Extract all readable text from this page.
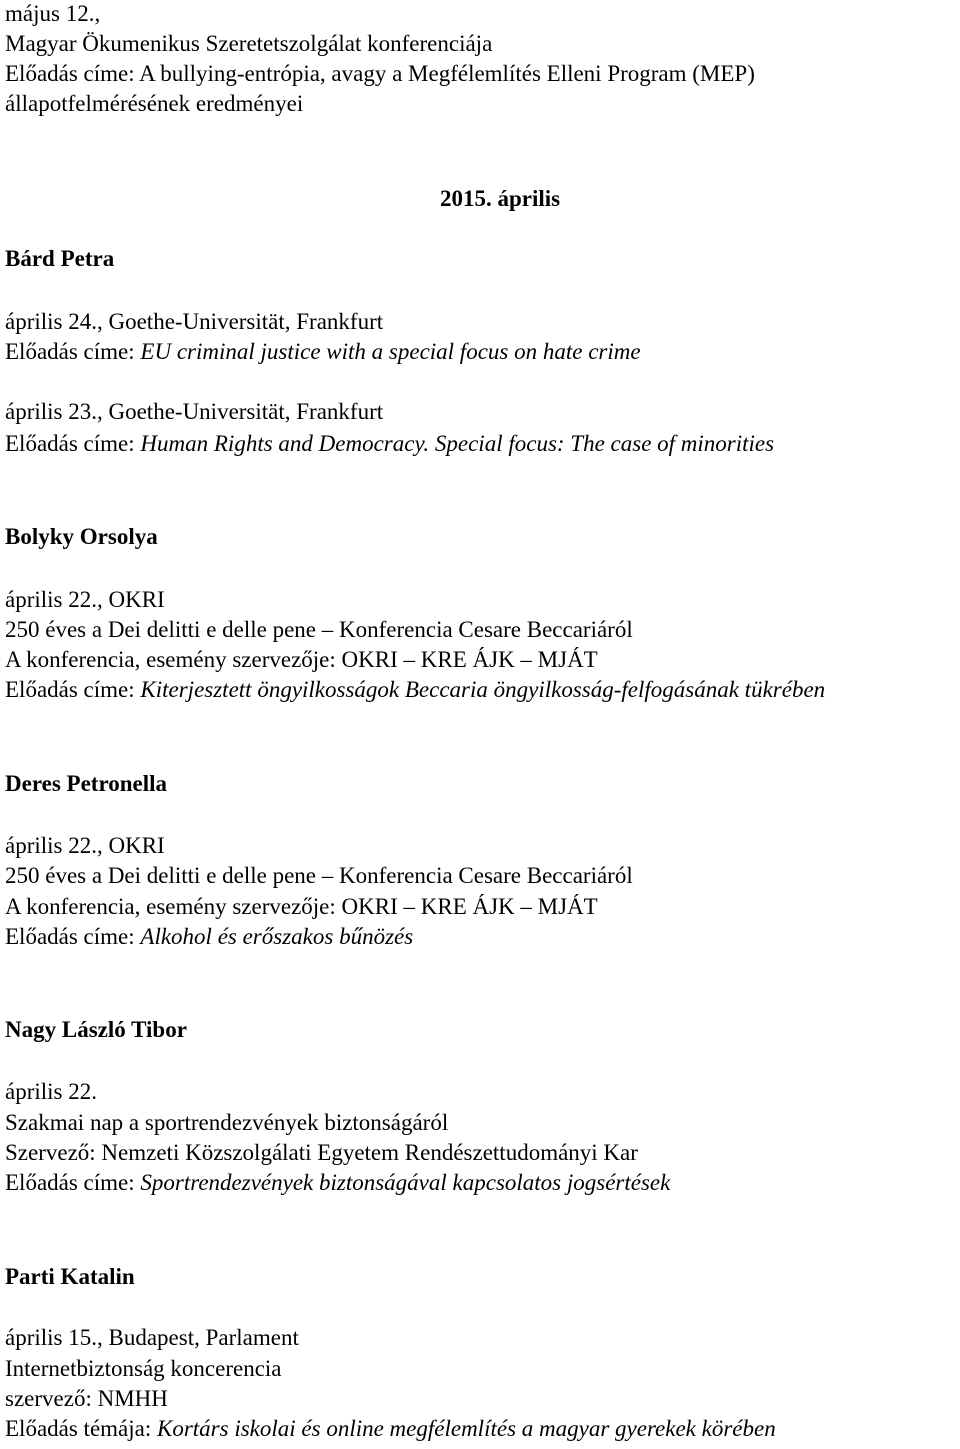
május 12.,
Magyar Ökumenikus Szeretetszolgálat konferenciája
Előadás címe: A bullying-entrópia, avagy a Megfélemlítés Elleni Program (MEP)
állapotfelmérésének eredményei
2015. április
Bárd Petra
április 24., Goethe-Universität, Frankfurt
Előadás címe: EU criminal justice with a special focus on hate crime
április 23., Goethe-Universität, Frankfurt
Előadás címe: Human Rights and Democracy. Special focus: The case of minorities
Bolyky Orsolya
április 22., OKRI
250 éves a Dei delitti e delle pene – Konferencia Cesare Beccariáról
A konferencia, esemény szervezője: OKRI – KRE ÁJK – MJÁT
Előadás címe: Kiterjesztett öngyilkosságok Beccaria öngyilkosság-felfogásának tükrében
Deres Petronella
április 22., OKRI
250 éves a Dei delitti e delle pene – Konferencia Cesare Beccariáról
A konferencia, esemény szervezője: OKRI – KRE ÁJK – MJÁT
Előadás címe: Alkohol és erőszakos bűnözés
Nagy László Tibor
április 22.
Szakmai nap a sportrendezvények biztonságáról
Szervező: Nemzeti Közszolgálati Egyetem Rendészettudományi Kar
Előadás címe: Sportrendezvények biztonságával kapcsolatos jogsértések
Parti Katalin
április 15., Budapest, Parlament
Internetbiztonság koncerencia
szervező: NMHH
Előadás témája: Kortárs iskolai és online megfélemlítés a magyar gyerekek körében
